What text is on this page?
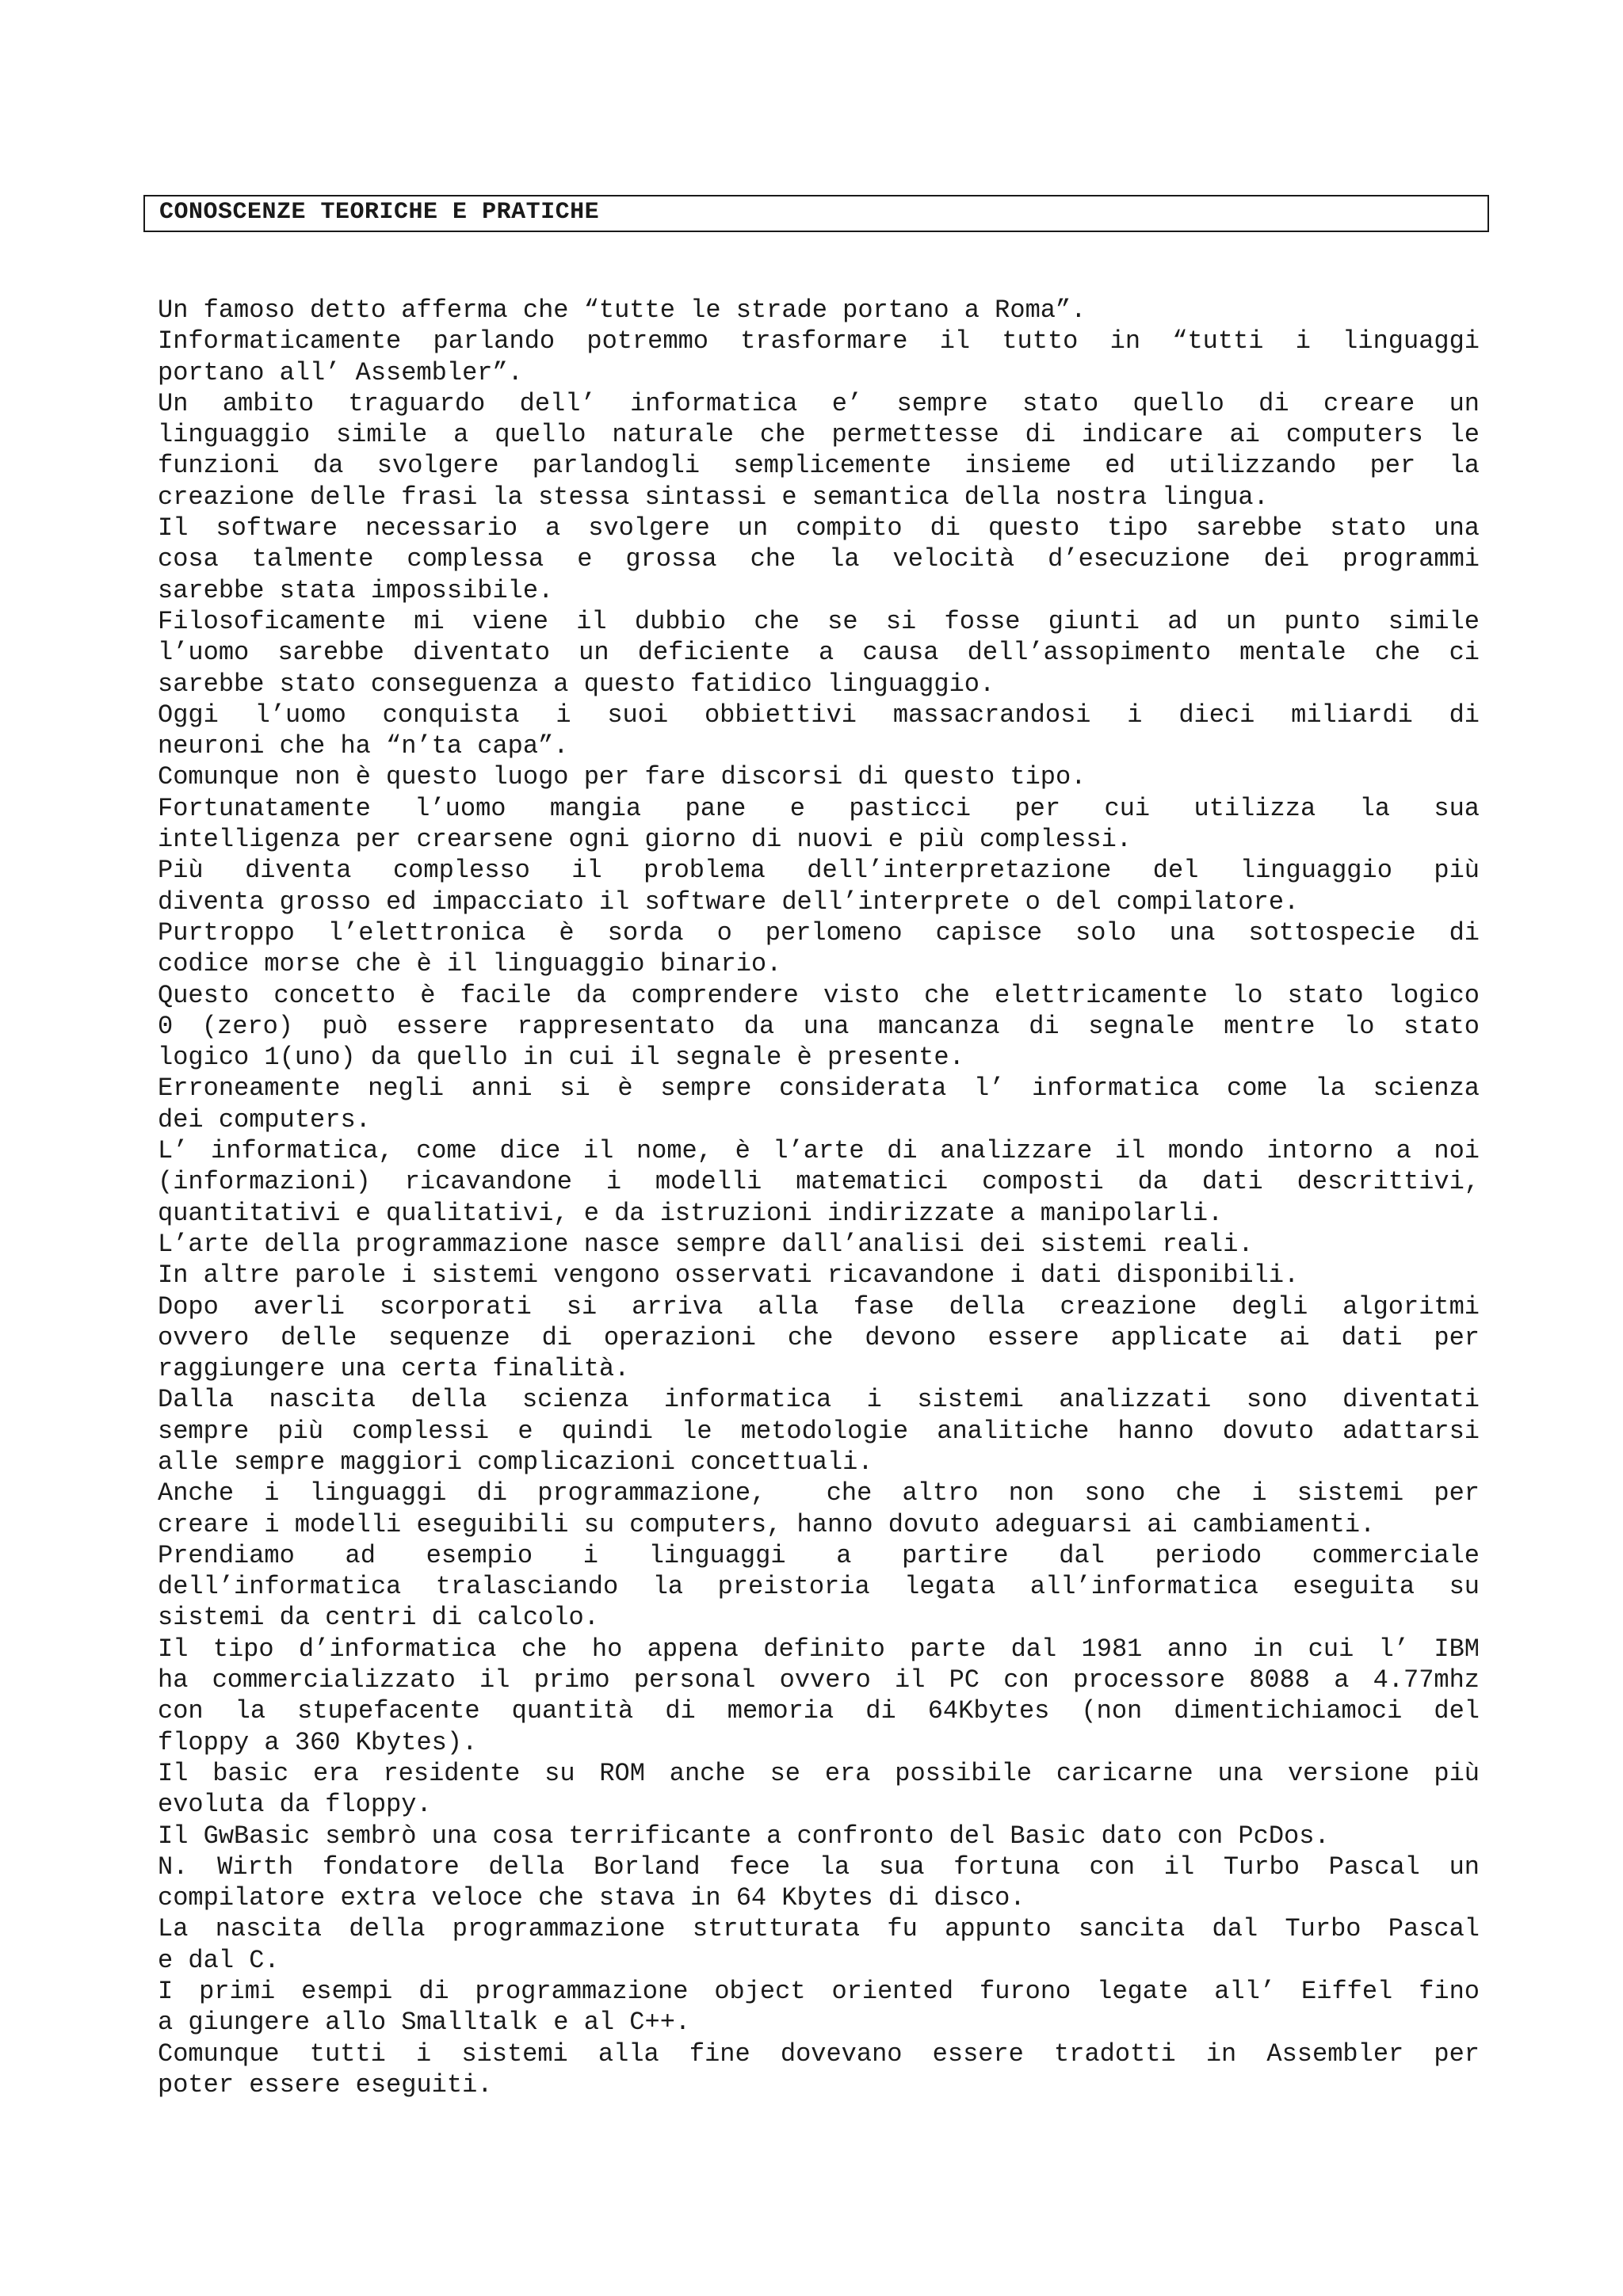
CONOSCENZE TEORICHE E PRATICHE
Un famoso detto afferma che “tutte le strade portano a Roma”.
Informaticamente parlando potremmo trasformare il tutto in “tutti i linguaggi
portano all’ Assembler”.
Un ambito traguardo dell’ informatica e’ sempre stato quello di creare un
linguaggio simile a quello naturale che permettesse di indicare ai computers le
funzioni da svolgere parlandogli semplicemente insieme ed utilizzando per la
creazione delle frasi la stessa sintassi e semantica della nostra lingua.
Il software necessario a svolgere un compito di questo tipo sarebbe stato una
cosa talmente complessa e grossa che la velocità d’esecuzione dei programmi
sarebbe stata impossibile.
Filosoficamente mi viene il dubbio che se si fosse giunti ad un punto simile
l’uomo sarebbe diventato un deficiente a causa dell’assopimento mentale che ci
sarebbe stato conseguenza a questo fatidico linguaggio.
Oggi l’uomo conquista i suoi obbiettivi massacrandosi i dieci miliardi di
neuroni che ha “n’ta capa”.
Comunque non è questo luogo per fare discorsi di questo tipo.
Fortunatamente l’uomo mangia pane e pasticci per cui utilizza la sua
intelligenza per crearsene ogni giorno di nuovi e più complessi.
Più diventa complesso il problema dell’interpretazione del linguaggio più
diventa grosso ed impacciato il software dell’interprete o del compilatore.
Purtroppo l’elettronica è sorda o perlomeno capisce solo una sottospecie di
codice morse che è il linguaggio binario.
Questo concetto è facile da comprendere visto che elettricamente lo stato logico
0 (zero) può essere rappresentato da una mancanza di segnale mentre lo stato
logico 1(uno) da quello in cui il segnale è presente.
Erroneamente negli anni si è sempre considerata l’ informatica come la scienza
dei computers.
L’ informatica, come dice il nome, è l’arte di analizzare il mondo intorno a noi
(informazioni) ricavandone i modelli matematici composti da dati descrittivi,
quantitativi e qualitativi, e da istruzioni indirizzate a manipolarli.
L’arte della programmazione nasce sempre dall’analisi dei sistemi reali.
In altre parole i sistemi vengono osservati ricavandone i dati disponibili.
Dopo averli scorporati si arriva alla fase della creazione degli algoritmi
ovvero delle sequenze di operazioni che devono essere applicate ai dati per
raggiungere una certa finalità.
Dalla nascita della scienza informatica i sistemi analizzati sono diventati
sempre più complessi e quindi le metodologie analitiche hanno dovuto adattarsi
alle sempre maggiori complicazioni concettuali.
Anche i linguaggi di programmazione,  che altro non sono che i sistemi per
creare i modelli eseguibili su computers, hanno dovuto adeguarsi ai cambiamenti.
Prendiamo ad esempio i linguaggi a partire dal periodo commerciale
dell’informatica tralasciando la preistoria legata all’informatica eseguita su
sistemi da centri di calcolo.
Il tipo d’informatica che ho appena definito parte dal 1981 anno in cui l’ IBM
ha commercializzato il primo personal ovvero il PC con processore 8088 a 4.77mhz
con la stupefacente quantità di memoria di 64Kbytes (non dimentichiamoci del
floppy a 360 Kbytes).
Il basic era residente su ROM anche se era possibile caricarne una versione più
evoluta da floppy.
Il GwBasic sembrò una cosa terrificante a confronto del Basic dato con PcDos.
N. Wirth fondatore della Borland fece la sua fortuna con il Turbo Pascal un
compilatore extra veloce che stava in 64 Kbytes di disco.
La nascita della programmazione strutturata fu appunto sancita dal Turbo Pascal
e dal C.
I primi esempi di programmazione object oriented furono legate all’ Eiffel fino
a giungere allo Smalltalk e al C++.
Comunque tutti i sistemi alla fine dovevano essere tradotti in Assembler per
poter essere eseguiti.
